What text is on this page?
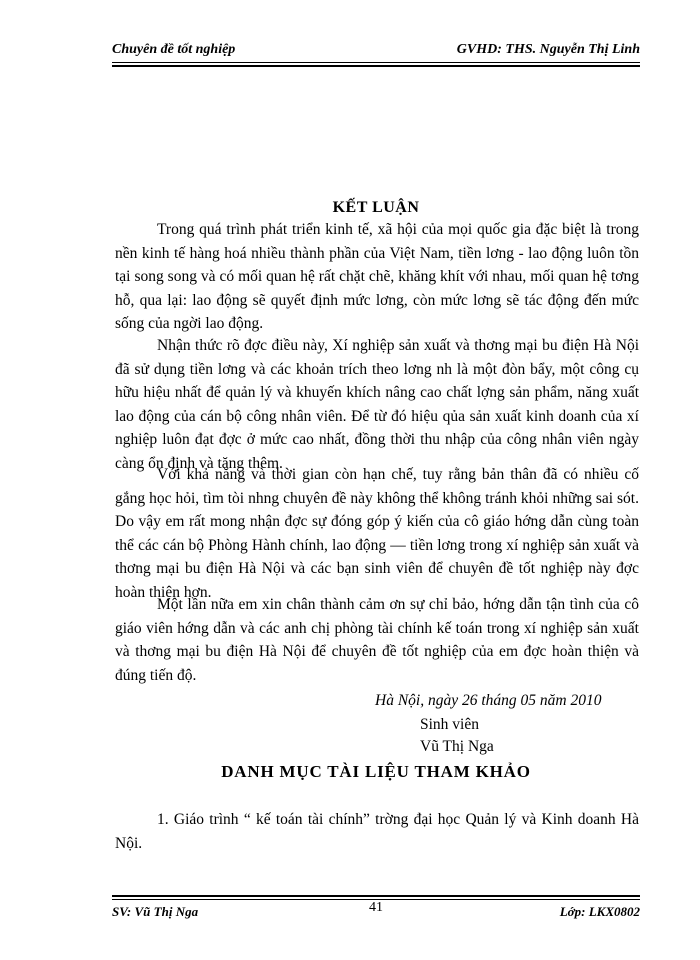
Chuyên đề tốt nghiệp	GVHD: THS. Nguyễn Thị Linh
KẾT LUẬN

Trong quá trình phát triển kinh tế, xã hội của mọi quốc gia đặc biệt là trong nền kinh tế hàng hoá nhiều thành phần của Việt Nam, tiền lơng - lao động luôn tồn tại song song và có mối quan hệ rất chặt chẽ, khăng khít với nhau, mối quan hệ tơng hỗ, qua lại: lao động sẽ quyết định mức lơng, còn mức lơng sẽ tác động đến mức sống của ngời lao động.

Nhận thức rõ đợc điều này, Xí nghiệp sản xuất và thơng mại bu điện Hà Nội đã sử dụng tiền lơng và các khoản trích theo lơng nh là một đòn bẩy, một công cụ hữu hiệu nhất để quản lý và khuyến khích nâng cao chất lợng sản phẩm, năng xuất lao động của cán bộ công nhân viên. Để từ đó hiệu qủa sản xuất kinh doanh của xí nghiệp luôn đạt đợc ở mức cao nhất, đồng thời thu nhập của công nhân viên ngày càng ổn định và tăng thêm.

Với khả năng và thời gian còn hạn chế, tuy rằng bản thân đã có nhiều cố gắng học hỏi, tìm tòi nhng chuyên đề này không thể không tránh khỏi những sai sót. Do vậy em rất mong nhận đợc sự đóng góp ý kiến của cô giáo hớng dẫn cùng toàn thể các cán bộ Phòng Hành chính, lao động — tiền lơng trong xí nghiệp sản xuất và thơng mại bu điện Hà Nội và các bạn sinh viên để chuyên đề tốt nghiệp này đợc hoàn thiện hơn.

Một lần nữa em xin chân thành cảm ơn sự chỉ bảo, hớng dẫn tận tình của cô giáo viên hớng dẫn và các anh chị phòng tài chính kế toán trong xí nghiệp sản xuất và thơng mại bu điện Hà Nội để chuyên đề tốt nghiệp của em đợc hoàn thiện và đúng tiến độ.

Hà Nội, ngày 26 tháng 05 năm 2010
Sinh viên
Vũ Thị Nga
DANH MỤC TÀI LIỆU THAM KHẢO

1. Giáo trình “ kế toán tài chính” trờng đại học Quản lý và Kinh doanh Hà Nội.

SV: Vũ Thị Nga	41	Lớp: LKX0802
